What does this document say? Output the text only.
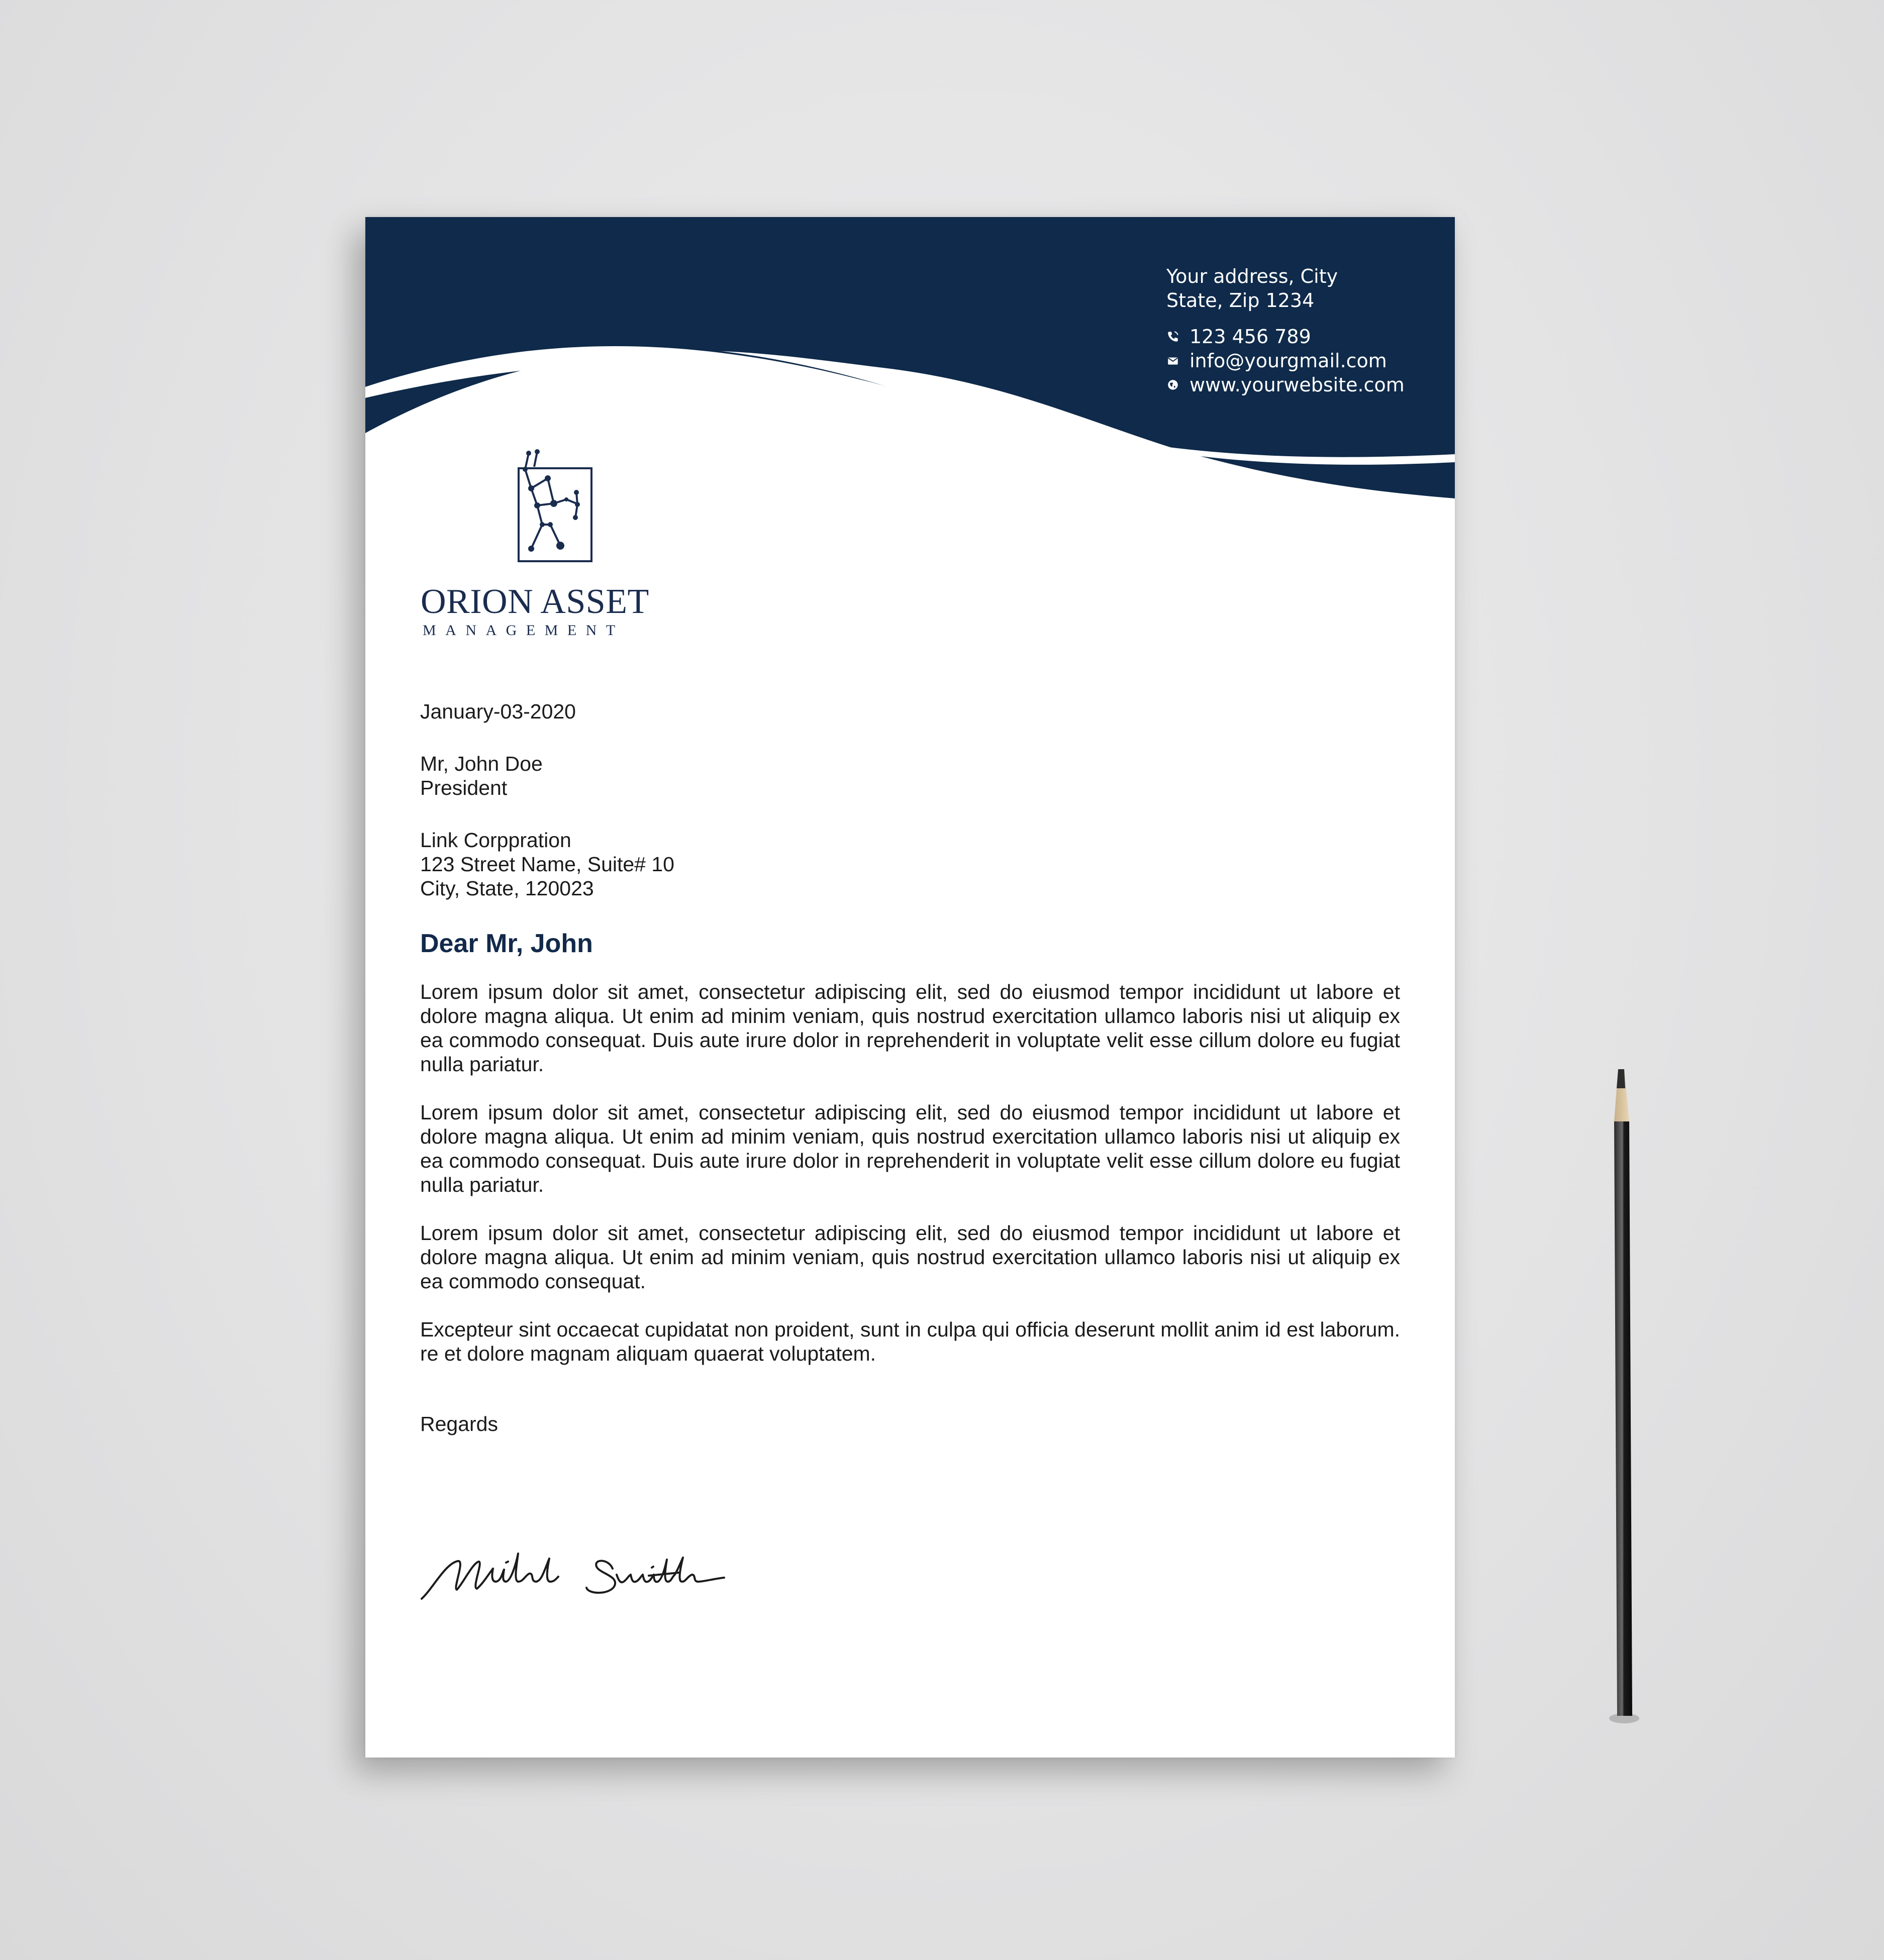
Your address, City
State, Zip 1234
123 456 789
info@yourgmail.com
www.yourwebsite.com
ORION ASSET
MANAGEMENT
January-03-2020
Mr, John Doe
President
Link Corppration
123 Street Name, Suite# 10
City, State, 120023
Dear Mr, John

Lorem ipsum dolor sit amet, consectetur adipiscing elit, sed do eiusmod tempor incididunt ut labore et dolore magna aliqua. Ut enim ad minim veniam, quis nostrud exercitation ullamco laboris nisi ut aliquip ex ea commodo consequat. Duis aute irure dolor in reprehenderit in voluptate velit esse cillum dolore eu fugiat nulla pariatur.

Lorem ipsum dolor sit amet, consectetur adipiscing elit, sed do eiusmod tempor incididunt ut labore et dolore magna aliqua. Ut enim ad minim veniam, quis nostrud exercitation ullamco laboris nisi ut aliquip ex ea commodo consequat. Duis aute irure dolor in reprehenderit in voluptate velit esse cillum dolore eu fugiat nulla pariatur.

Lorem ipsum dolor sit amet, consectetur adipiscing elit, sed do eiusmod tempor incididunt ut labore et dolore magna aliqua. Ut enim ad minim veniam, quis nostrud exercitation ullamco laboris nisi ut aliquip ex ea commodo consequat.

Excepteur sint occaecat cupidatat non proident, sunt in culpa qui officia deserunt mollit anim id est laborum. re et dolore magnam aliquam quaerat voluptatem.

Regards
